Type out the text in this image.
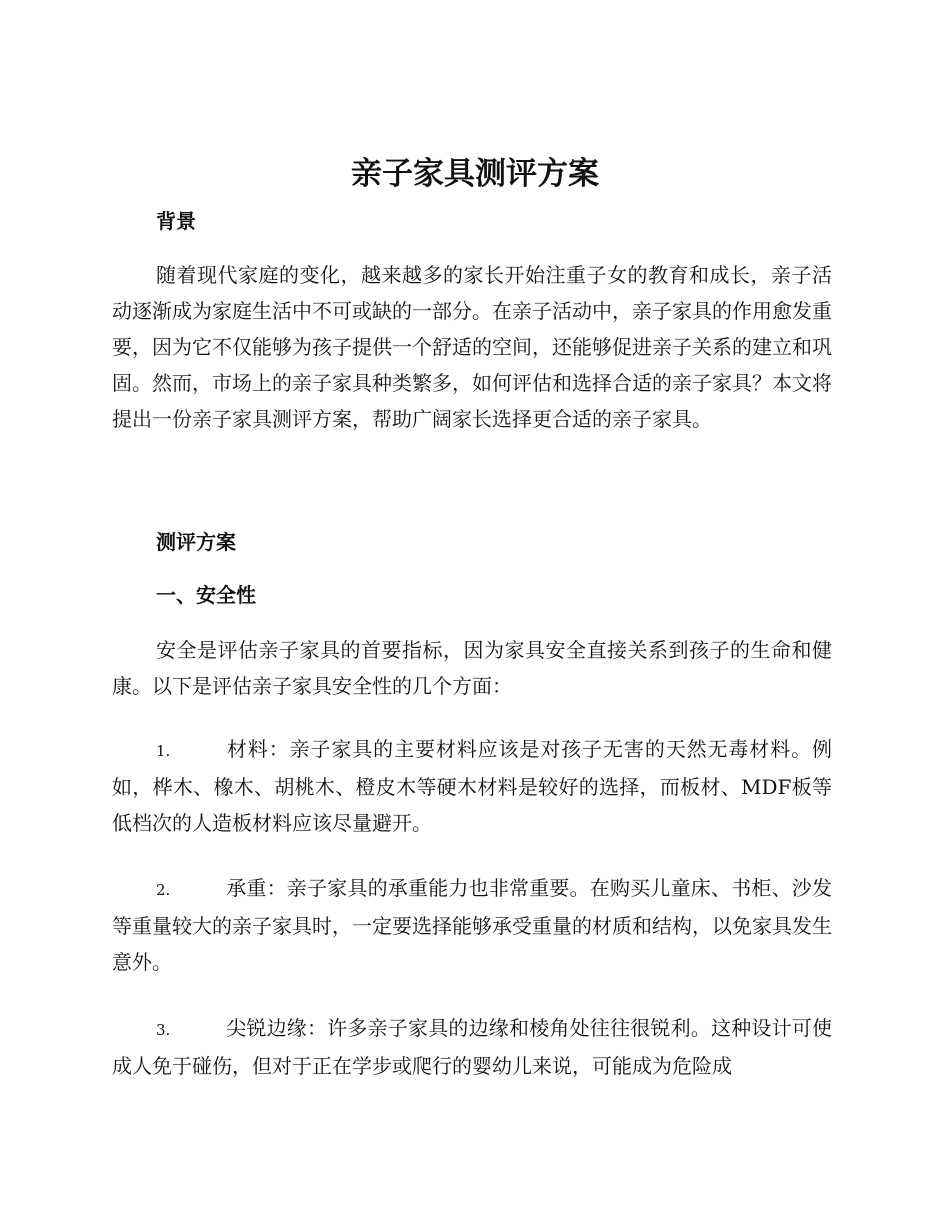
亲子家具测评方案
背景

随着现代家庭的变化，越来越多的家长开始注重子女的教育和成长，亲子活动逐渐成为家庭生活中不可或缺的一部分。在亲子活动中，亲子家具的作用愈发重要，因为它不仅能够为孩子提供一个舒适的空间，还能够促进亲子关系的建立和巩固。然而，市场上的亲子家具种类繁多，如何评估和选择合适的亲子家具？本文将提出一份亲子家具测评方案，帮助广阔家长选择更合适的亲子家具。

测评方案
一、安全性

安全是评估亲子家具的首要指标，因为家具安全直接关系到孩子的生命和健康。以下是评估亲子家具安全性的几个方面：

1.	材料：亲子家具的主要材料应该是对孩子无害的天然无毒材料。例如，桦木、橡木、胡桃木、橙皮木等硬木材料是较好的选择，而板材、MDF板等低档次的人造板材料应该尽量避开。

2.	承重：亲子家具的承重能力也非常重要。在购买儿童床、书柜、沙发等重量较大的亲子家具时，一定要选择能够承受重量的材质和结构，以免家具发生意外。

3.	尖锐边缘：许多亲子家具的边缘和棱角处往往很锐利。这种设计可使成人免于碰伤，但对于正在学步或爬行的婴幼儿来说，可能成为危险成
